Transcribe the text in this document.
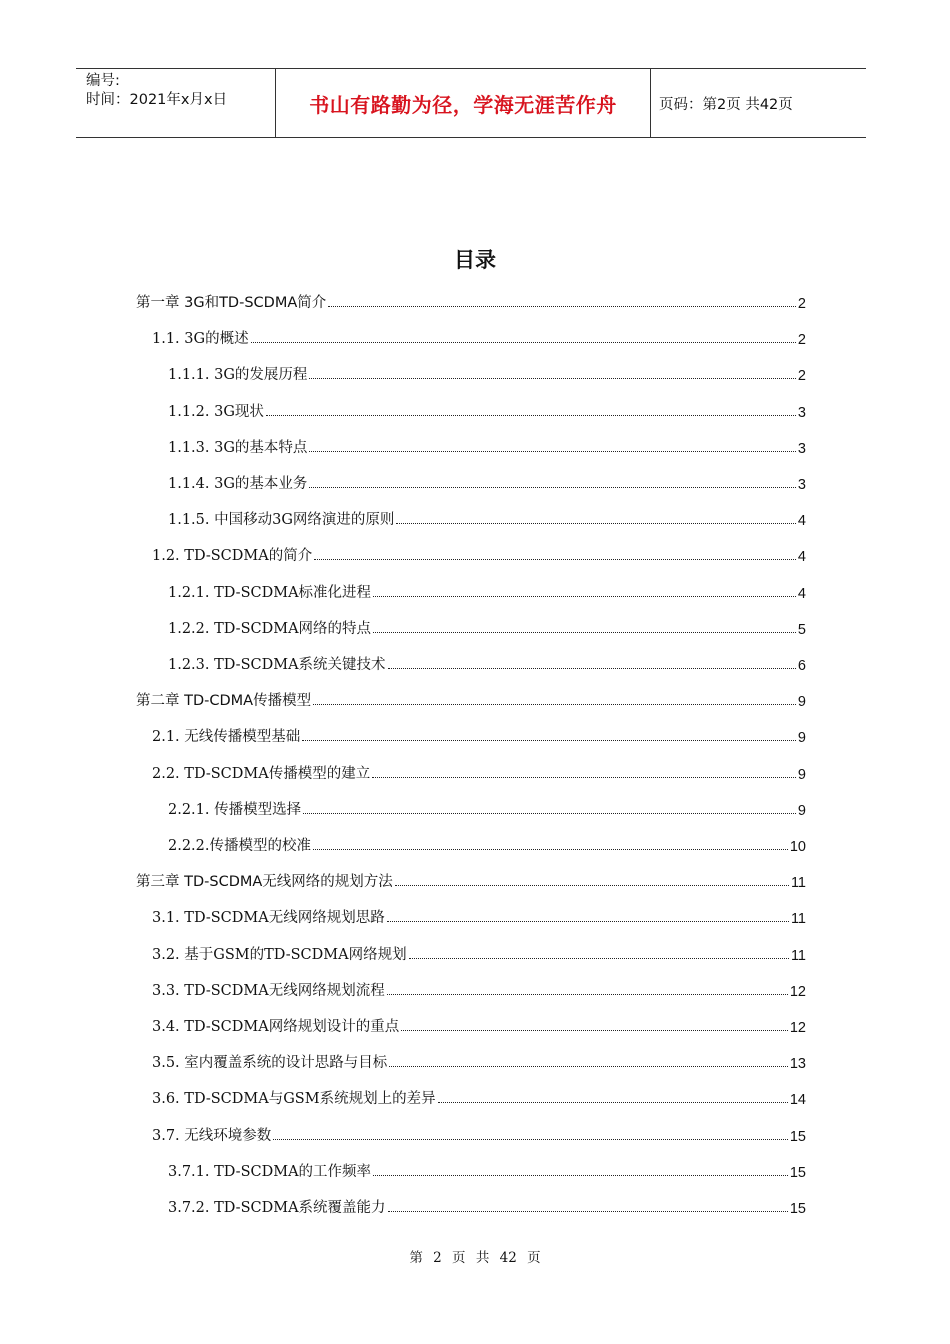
编号:
时间：2021年x月x日	书山有路勤为径，学海无涯苦作舟	页码：第2页 共42页
目录
第一章 3G和TD-SCDMA简介	2
1.1. 3G的概述	2
1.1.1. 3G的发展历程	2
1.1.2. 3G现状	3
1.1.3. 3G的基本特点	3
1.1.4. 3G的基本业务	3
1.1.5. 中国移动3G网络演进的原则	4
1.2. TD-SCDMA的简介	4
1.2.1. TD-SCDMA标准化进程	4
1.2.2. TD-SCDMA网络的特点	5
1.2.3. TD-SCDMA系统关键技术	6
第二章 TD-CDMA传播模型	9
2.1. 无线传播模型基础	9
2.2. TD-SCDMA传播模型的建立	9
2.2.1. 传播模型选择	9
2.2.2.传播模型的校准	10
第三章 TD-SCDMA无线网络的规划方法	11
3.1. TD-SCDMA无线网络规划思路	11
3.2. 基于GSM的TD-SCDMA网络规划	11
3.3. TD-SCDMA无线网络规划流程	12
3.4. TD-SCDMA网络规划设计的重点	12
3.5. 室内覆盖系统的设计思路与目标	13
3.6. TD-SCDMA与GSM系统规划上的差异	14
3.7. 无线环境参数	15
3.7.1. TD-SCDMA的工作频率	15
3.7.2. TD-SCDMA系统覆盖能力	15
第 2 页 共 42 页
